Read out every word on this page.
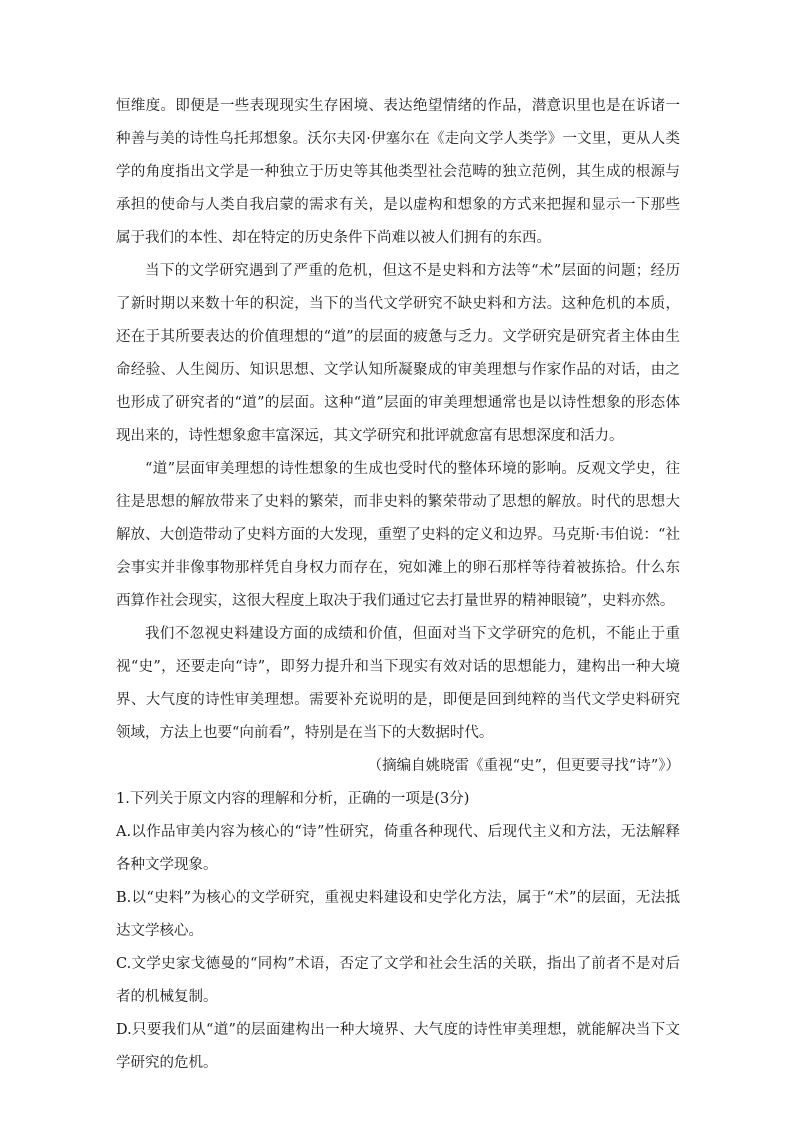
恒维度。即便是一些表现现实生存困境、表达绝望情绪的作品，潜意识里也是在诉诸一种善与美的诗性乌托邦想象。沃尔夫冈·伊塞尔在《走向文学人类学》一文里，更从人类学的角度指出文学是一种独立于历史等其他类型社会范畴的独立范例，其生成的根源与承担的使命与人类自我启蒙的需求有关，是以虚构和想象的方式来把握和显示一下那些属于我们的本性、却在特定的历史条件下尚难以被人们拥有的东西。

当下的文学研究遇到了严重的危机，但这不是史料和方法等“术”层面的问题；经历了新时期以来数十年的积淀，当下的当代文学研究不缺史料和方法。这种危机的本质，还在于其所要表达的价值理想的“道”的层面的疲惫与乏力。文学研究是研究者主体由生命经验、人生阅历、知识思想、文学认知所凝聚成的审美理想与作家作品的对话，由之也形成了研究者的“道”的层面。这种“道”层面的审美理想通常也是以诗性想象的形态体现出来的，诗性想象愈丰富深远，其文学研究和批评就愈富有思想深度和活力。

“道”层面审美理想的诗性想象的生成也受时代的整体环境的影响。反观文学史，往往是思想的解放带来了史料的繁荣，而非史料的繁荣带动了思想的解放。时代的思想大解放、大创造带动了史料方面的大发现，重塑了史料的定义和边界。马克斯·韦伯说：“社会事实并非像事物那样凭自身权力而存在，宛如滩上的卵石那样等待着被拣拾。什么东西算作社会现实，这很大程度上取决于我们通过它去打量世界的精神眼镜”，史料亦然。

我们不忽视史料建设方面的成绩和价值，但面对当下文学研究的危机，不能止于重视“史”，还要走向“诗”，即努力提升和当下现实有效对话的思想能力，建构出一种大境界、大气度的诗性审美理想。需要补充说明的是，即便是回到纯粹的当代文学史料研究领域，方法上也要“向前看”，特别是在当下的大数据时代。

（摘编自姚晓雷《重视“史”，但更要寻找“诗”》）

1.下列关于原文内容的理解和分析，正确的一项是(3分)

A.以作品审美内容为核心的“诗”性研究，倚重各种现代、后现代主义和方法，无法解释各种文学现象。

B.以“史料”为核心的文学研究，重视史料建设和史学化方法，属于“术”的层面，无法抵达文学核心。

C.文学史家戈德曼的“同构”术语，否定了文学和社会生活的关联，指出了前者不是对后者的机械复制。

D.只要我们从“道”的层面建构出一种大境界、大气度的诗性审美理想，就能解决当下文学研究的危机。
